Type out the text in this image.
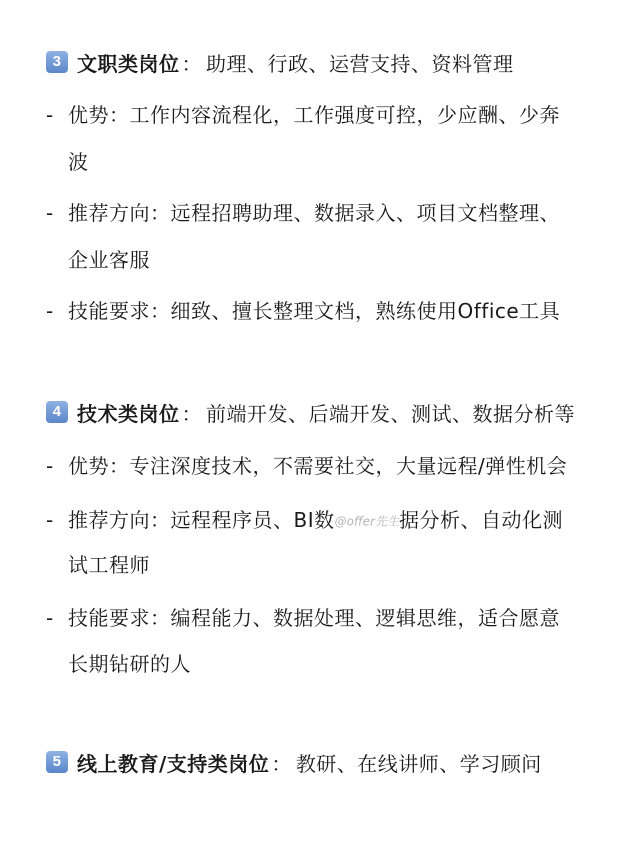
3 文职类岗位 ： 助理、行政、运营支持、资料管理
- 优势：工作内容流程化，工作强度可控，少应酬、少奔
波
- 推荐方向：远程招聘助理、数据录入、项目文档整理、
企业客服
- 技能要求：细致、擅长整理文档，熟练使用Office工具
4 技术类岗位 ： 前端开发、后端开发、测试、数据分析等
- 优势：专注深度技术，不需要社交，大量远程/弹性机会
- 推荐方向：远程程序员、BI数@offer先生据分析、自动化测
试工程师
- 技能要求：编程能力、数据处理、逻辑思维，适合愿意
长期钻研的人
5 线上教育/支持类岗位 ： 教研、在线讲师、学习顾问
